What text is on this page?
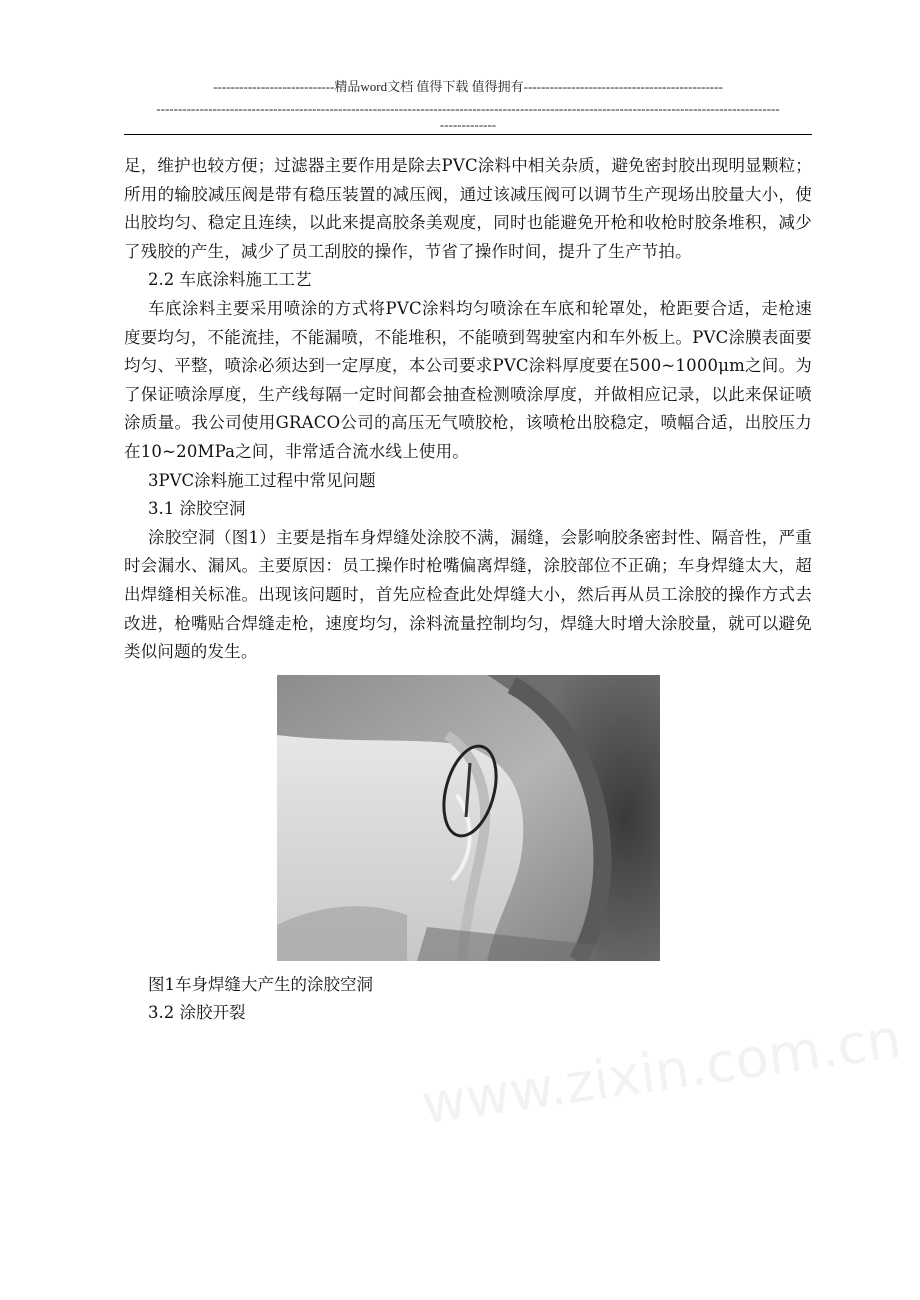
----------------------------精品word文档 值得下载 值得拥有----------------------------------------------
------------------------------------------------------------------------------------------------------------------------------------------------
-------------
www.zixin.com.cn

足，维护也较方便；过滤器主要作用是除去PVC涂料中相关杂质，避免密封胶出现明显颗粒；所用的输胶减压阀是带有稳压装置的减压阀，通过该减压阀可以调节生产现场出胶量大小，使出胶均匀、稳定且连续，以此来提高胶条美观度，同时也能避免开枪和收枪时胶条堆积，减少了残胶的产生，减少了员工刮胶的操作，节省了操作时间，提升了生产节拍。

2.2 车底涂料施工工艺

车底涂料主要采用喷涂的方式将PVC涂料均匀喷涂在车底和轮罩处，枪距要合适，走枪速度要均匀，不能流挂，不能漏喷，不能堆积，不能喷到驾驶室内和车外板上。PVC涂膜表面要均匀、平整，喷涂必须达到一定厚度，本公司要求PVC涂料厚度要在500~1000μm之间。为了保证喷涂厚度，生产线每隔一定时间都会抽查检测喷涂厚度，并做相应记录，以此来保证喷涂质量。我公司使用GRACO公司的高压无气喷胶枪，该喷枪出胶稳定，喷幅合适，出胶压力在10~20MPa之间，非常适合流水线上使用。

3PVC涂料施工过程中常见问题

3.1 涂胶空洞

涂胶空洞（图1）主要是指车身焊缝处涂胶不满，漏缝，会影响胶条密封性、隔音性，严重时会漏水、漏风。主要原因：员工操作时枪嘴偏离焊缝，涂胶部位不正确；车身焊缝太大，超出焊缝相关标准。出现该问题时，首先应检查此处焊缝大小，然后再从员工涂胶的操作方式去改进，枪嘴贴合焊缝走枪，速度均匀，涂料流量控制均匀，焊缝大时增大涂胶量，就可以避免类似问题的发生。

图1车身焊缝大产生的涂胶空洞

3.2 涂胶开裂
